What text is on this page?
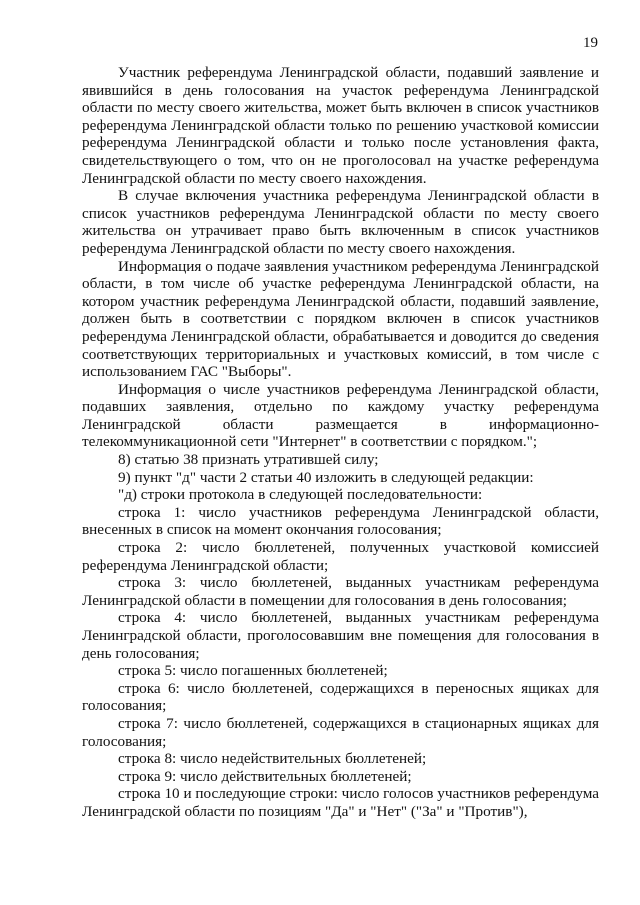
19

Участник референдума Ленинградской области, подавший заявление и явившийся в день голосования на участок референдума Ленинградской области по месту своего жительства, может быть включен в список участников референдума Ленинградской области только по решению участковой комиссии референдума Ленинградской области и только после установления факта, свидетельствующего о том, что он не проголосовал на участке референдума Ленинградской области по месту своего нахождения.

В случае включения участника референдума Ленинградской области в список участников референдума Ленинградской области по месту своего жительства он утрачивает право быть включенным в список участников референдума Ленинградской области по месту своего нахождения.

Информация о подаче заявления участником референдума Ленинградской области, в том числе об участке референдума Ленинградской области, на котором участник референдума Ленинградской области, подавший заявление, должен быть в соответствии с порядком включен в список участников референдума Ленинградской области, обрабатывается и доводится до сведения соответствующих территориальных и участковых комиссий, в том числе с использованием ГАС "Выборы".

Информация о числе участников референдума Ленинградской области, подавших заявления, отдельно по каждому участку референдума Ленинградской области размещается в информационно-телекоммуникационной сети "Интернет" в соответствии с порядком.";

8) статью 38 признать утратившей силу;

9) пункт "д" части 2 статьи 40 изложить в следующей редакции:

"д) строки протокола в следующей последовательности:

строка 1: число участников референдума Ленинградской области, внесенных в список на момент окончания голосования;

строка 2: число бюллетеней, полученных участковой комиссией референдума Ленинградской области;

строка 3: число бюллетеней, выданных участникам референдума Ленинградской области в помещении для голосования в день голосования;

строка 4: число бюллетеней, выданных участникам референдума Ленинградской области, проголосовавшим вне помещения для голосования в день голосования;

строка 5: число погашенных бюллетеней;

строка 6: число бюллетеней, содержащихся в переносных ящиках для голосования;

строка 7: число бюллетеней, содержащихся в стационарных ящиках для голосования;

строка 8: число недействительных бюллетеней;

строка 9: число действительных бюллетеней;

строка 10 и последующие строки: число голосов участников референдума Ленинградской области по позициям "Да" и "Нет" ("За" и "Против"),
